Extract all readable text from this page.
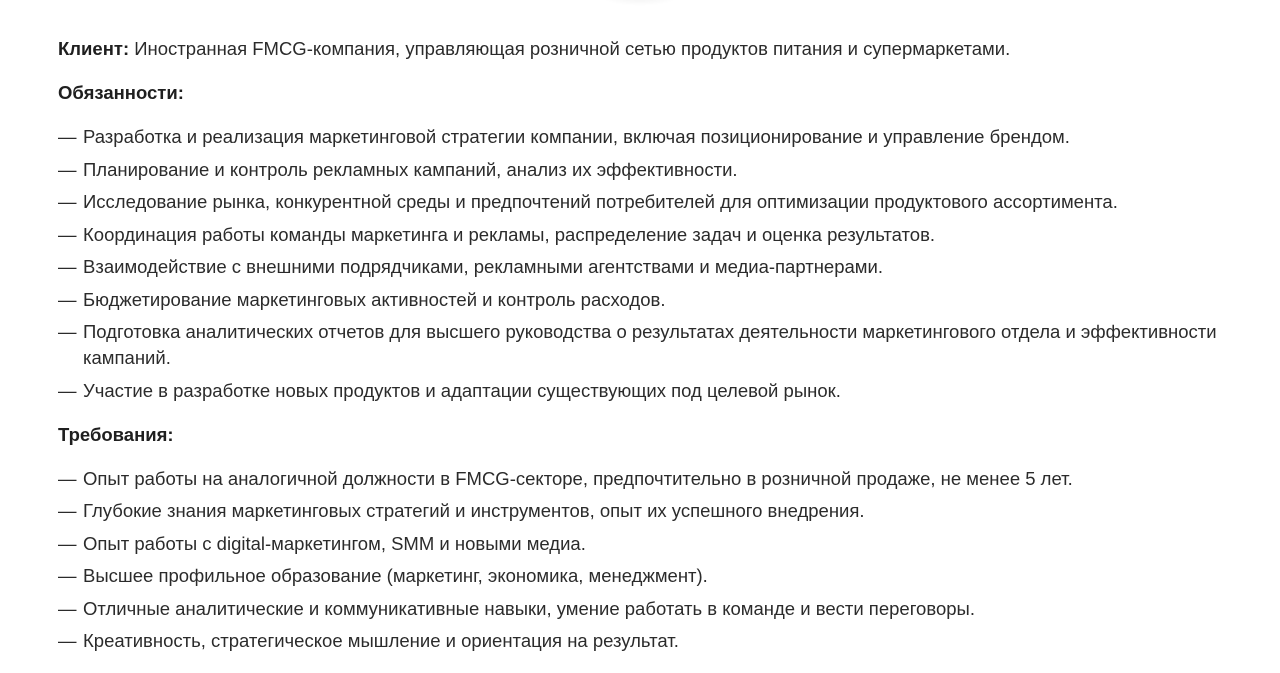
Клиент: Иностранная FMCG-компания, управляющая розничной сетью продуктов питания и супермаркетами.

Обязанности:
— Разработка и реализация маркетинговой стратегии компании, включая позиционирование и управление брендом.
— Планирование и контроль рекламных кампаний, анализ их эффективности.
— Исследование рынка, конкурентной среды и предпочтений потребителей для оптимизации продуктового ассортимента.
— Координация работы команды маркетинга и рекламы, распределение задач и оценка результатов.
— Взаимодействие с внешними подрядчиками, рекламными агентствами и медиа-партнерами.
— Бюджетирование маркетинговых активностей и контроль расходов.
— Подготовка аналитических отчетов для высшего руководства о результатах деятельности маркетингового отдела и эффективности кампаний.
— Участие в разработке новых продуктов и адаптации существующих под целевой рынок.
Требования:
— Опыт работы на аналогичной должности в FMCG-секторе, предпочтительно в розничной продаже, не менее 5 лет.
— Глубокие знания маркетинговых стратегий и инструментов, опыт их успешного внедрения.
— Опыт работы с digital-маркетингом, SMM и новыми медиа.
— Высшее профильное образование (маркетинг, экономика, менеджмент).
— Отличные аналитические и коммуникативные навыки, умение работать в команде и вести переговоры.
— Креативность, стратегическое мышление и ориентация на результат.
